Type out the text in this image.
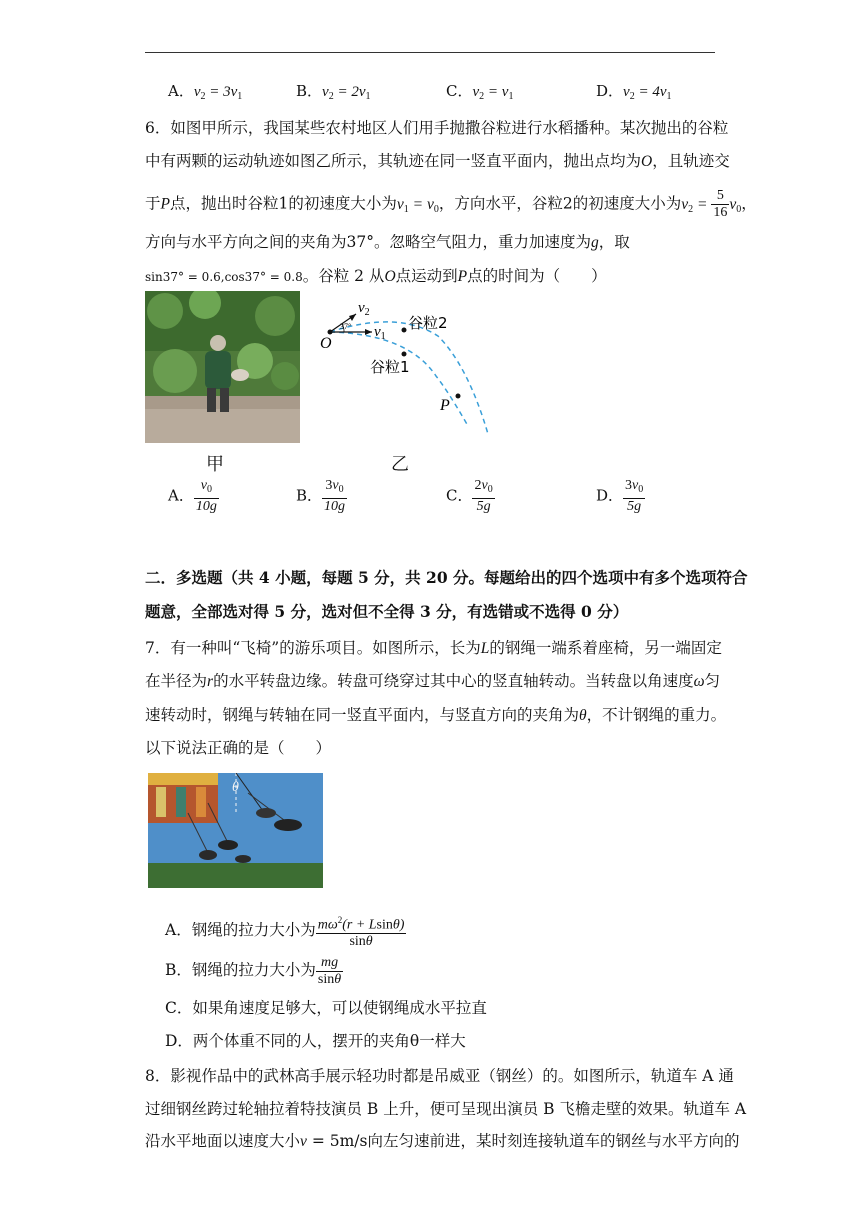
A．$v_2 = 3v_1$	B．$v_2 = 2v_1$	C．$v_2 = v_1$	D．$v_2 = 4v_1$
6．如图甲所示，我国某些农村地区人们用手抛撒谷粒进行水稻播种。某次抛出的谷粒
中有两颗的运动轨迹如图乙所示，其轨迹在同一竖直平面内，抛出点均为O，且轨迹交
于P点，抛出时谷粒1的初速度大小为$v_1 = v_0$，方向水平，谷粒2的初速度大小为$v_2 = \frac{5}{16} v_0$，
方向与水平方向之间的夹角为37°。忽略空气阻力，重力加速度为g，取
sin37° = 0.6,cos37° = 0.8。谷粒 2 从O点运动到P点的时间为（　　）
甲
$v_2$
$v_1$
37°
O
P
谷粒2
谷粒1
乙
A． $\frac{v_0}{10g}$	B． $\frac{3v_0}{10g}$	C． $\frac{2v_0}{5g}$	D． $\frac{3v_0}{5g}$
二．多选题（共 4 小题，每题 5 分，共 20 分。每题给出的四个选项中有多个选项符合
题意，全部选对得 5 分，选对但不全得 3 分，有选错或不选得 0 分）
7．有一种叫“飞椅”的游乐项目。如图所示，长为L的钢绳一端系着座椅，另一端固定
在半径为r的水平转盘边缘。转盘可绕穿过其中心的竖直轴转动。当转盘以角速度ω匀
速转动时，钢绳与转轴在同一竖直平面内，与竖直方向的夹角为θ，不计钢绳的重力。
以下说法正确的是（　　）
θ
A．钢绳的拉力大小为 $\frac{m\omega^2(r + Lsin\theta)}{\sin\theta}$
B．钢绳的拉力大小为 $\frac{mg}{\sin\theta}$
C．如果角速度足够大，可以使钢绳成水平拉直
D．两个体重不同的人，摆开的夹角θ一样大
8．影视作品中的武林高手展示轻功时都是吊威亚（钢丝）的。如图所示，轨道车 A 通
过细钢丝跨过轮轴拉着特技演员 B 上升，便可呈现出演员 B 飞檐走壁的效果。轨道车 A
沿水平地面以速度大小v = 5m/s向左匀速前进，某时刻连接轨道车的钢丝与水平方向的
